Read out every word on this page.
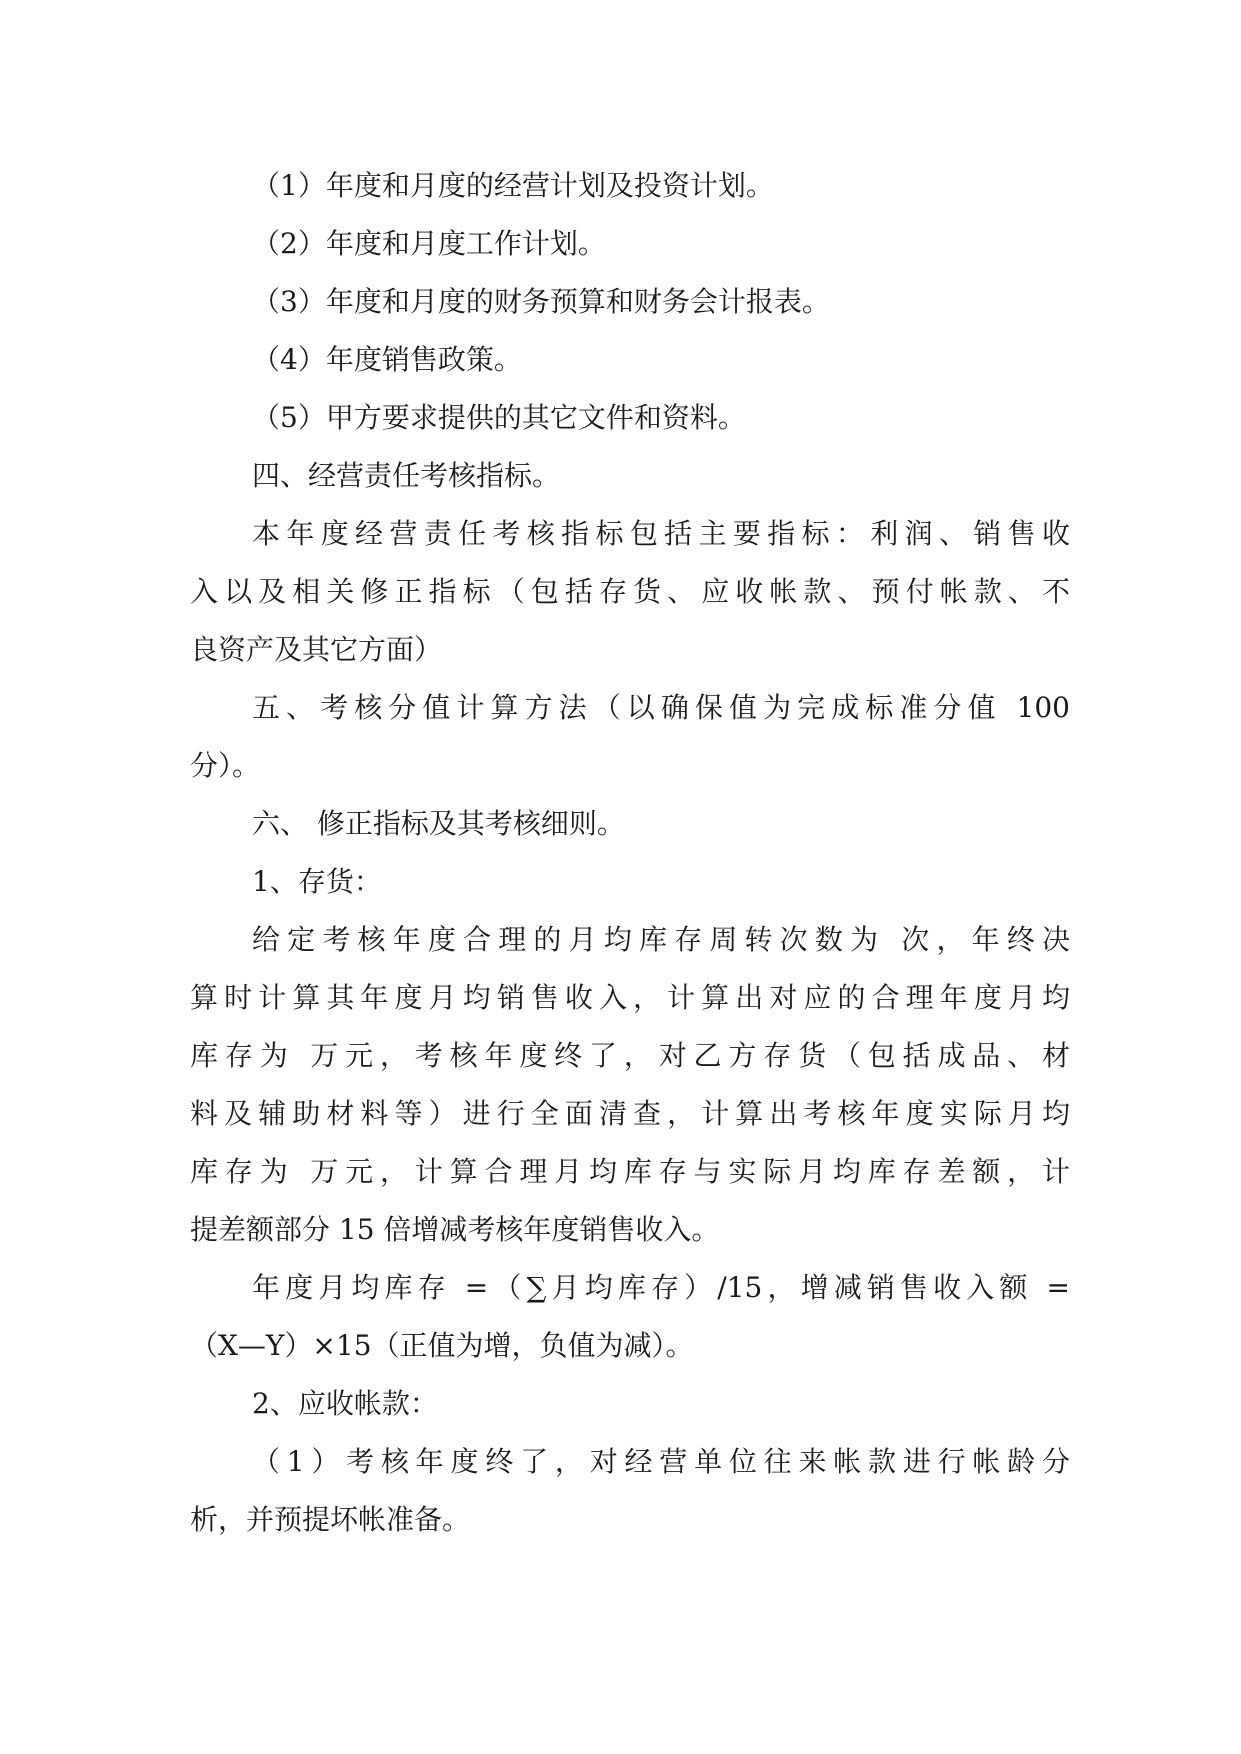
（1）年度和月度的经营计划及投资计划。
（2）年度和月度工作计划。
（3）年度和月度的财务预算和财务会计报表。
（4）年度销售政策。
（5）甲方要求提供的其它文件和资料。
四、经营责任考核指标。
本年度经营责任考核指标包括主要指标：利润、销售收
入以及相关修正指标（包括存货、应收帐款、预付帐款、不
良资产及其它方面）
五、考核分值计算方法（以确保值为完成标准分值 100
分）。
六、 修正指标及其考核细则。
1、存货：
给定考核年度合理的月均库存周转次数为 次，年终决
算时计算其年度月均销售收入，计算出对应的合理年度月均
库存为 万元，考核年度终了，对乙方存货（包括成品、材
料及辅助材料等）进行全面清查，计算出考核年度实际月均
库存为 万元，计算合理月均库存与实际月均库存差额，计
提差额部分 15 倍增减考核年度销售收入。
年度月均库存 =（∑月均库存）/15，增减销售收入额 =
（X—Y）×15（正值为增，负值为减）。
2、应收帐款：
（1）考核年度终了，对经营单位往来帐款进行帐龄分
析，并预提坏帐准备。
